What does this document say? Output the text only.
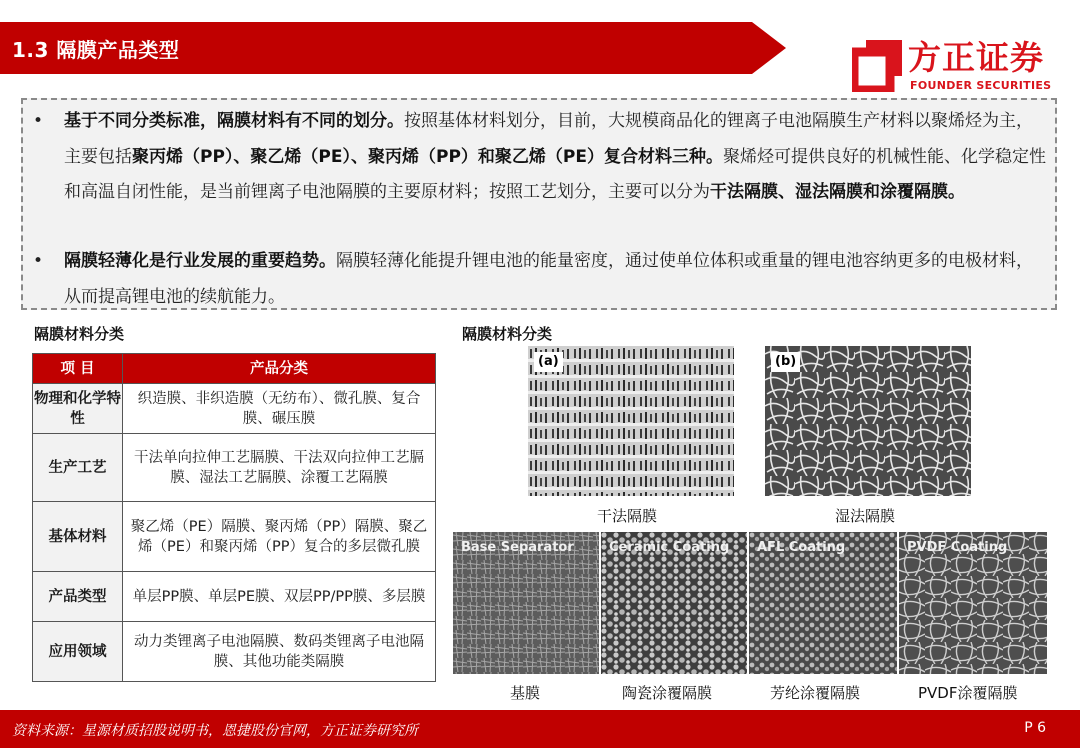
1.3 隔膜产品类型	方正证券
FOUNDER SECURITIES
•	基于不同分类标准，隔膜材料有不同的划分。按照基体材料划分，目前，大规模商品化的锂离子电池隔膜生产材料以聚烯烃为主，主要包括聚丙烯（PP）、聚乙烯（PE）、聚丙烯（PP）和聚乙烯（PE）复合材料三种。聚烯烃可提供良好的机械性能、化学稳定性和高温自闭性能，是当前锂离子电池隔膜的主要原材料；按照工艺划分，主要可以分为干法隔膜、湿法隔膜和涂覆隔膜。
•	隔膜轻薄化是行业发展的重要趋势。隔膜轻薄化能提升锂电池的能量密度，通过使单位体积或重量的锂电池容纳更多的电极材料，从而提高锂电池的续航能力。
隔膜材料分类
项 目	产品分类
物理和化学特性	织造膜、非织造膜（无纺布）、微孔膜、复合膜、碾压膜
生产工艺	干法单向拉伸工艺膈膜、干法双向拉伸工艺膈膜、湿法工艺膈膜、涂覆工艺隔膜
基体材料	聚乙烯（PE）隔膜、聚丙烯（PP）隔膜、聚乙烯（PE）和聚丙烯（PP）复合的多层微孔膜
产品类型	单层PP膜、单层PE膜、双层PP/PP膜、多层膜
应用领域	动力类锂离子电池隔膜、数码类锂离子电池隔膜、其他功能类隔膜
隔膜材料分类
(a)
干法隔膜
(b)
湿法隔膜
Base Separator
基膜
Ceramic Coating
陶瓷涂覆隔膜
AFL Coating
芳纶涂覆隔膜
PVDF Coating
PVDF涂覆隔膜
资料来源：星源材质招股说明书，恩捷股份官网，方正证券研究所	P 6
